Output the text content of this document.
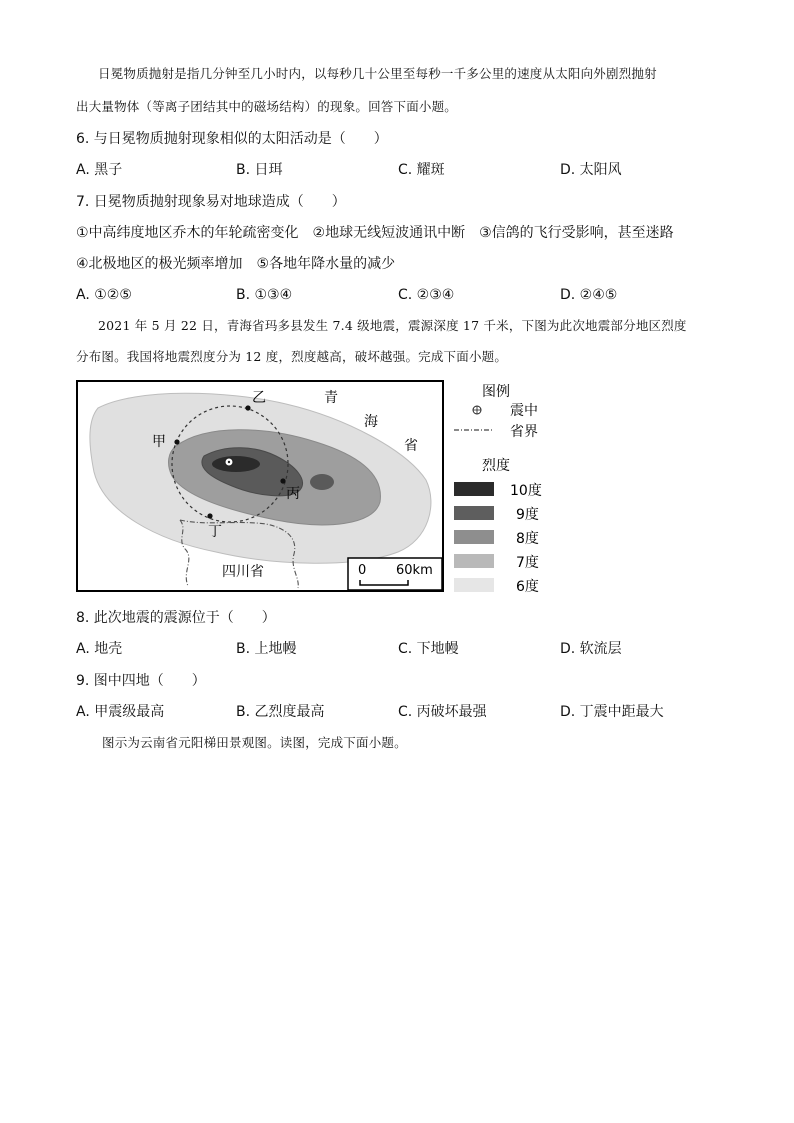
日冕物质抛射是指几分钟至几小时内，以每秒几十公里至每秒一千多公里的速度从太阳向外剧烈抛射
出大量物体（等离子团结其中的磁场结构）的现象。回答下面小题。
6. 与日冕物质抛射现象相似的太阳活动是（　　）
A. 黑子	B. 日珥	C. 耀斑	D. 太阳风
7. 日冕物质抛射现象易对地球造成（　　）
①中高纬度地区乔木的年轮疏密变化　②地球无线短波通讯中断　③信鸽的飞行受影响，甚至迷路
④北极地区的极光频率增加　⑤各地年降水量的减少
A. ①②⑤	B. ①③④	C. ②③④	D. ②④⑤
2021 年 5 月 22 日，青海省玛多县发生 7.4 级地震，震源深度 17 千米，下图为此次地震部分地区烈度
分布图。我国将地震烈度分为 12 度，烈度越高，破坏越强。完成下面小题。
乙
甲
丙
丁
青
海
省
四川省	0 60km
图例
震中
省界
烈度
10度
9度
8度
7度
6度
8. 此次地震的震源位于（　　）
A. 地壳	B. 上地幔	C. 下地幔	D. 软流层
9. 图中四地（　　）
A. 甲震级最高	B. 乙烈度最高	C. 丙破坏最强	D. 丁震中距最大
图示为云南省元阳梯田景观图。读图，完成下面小题。
